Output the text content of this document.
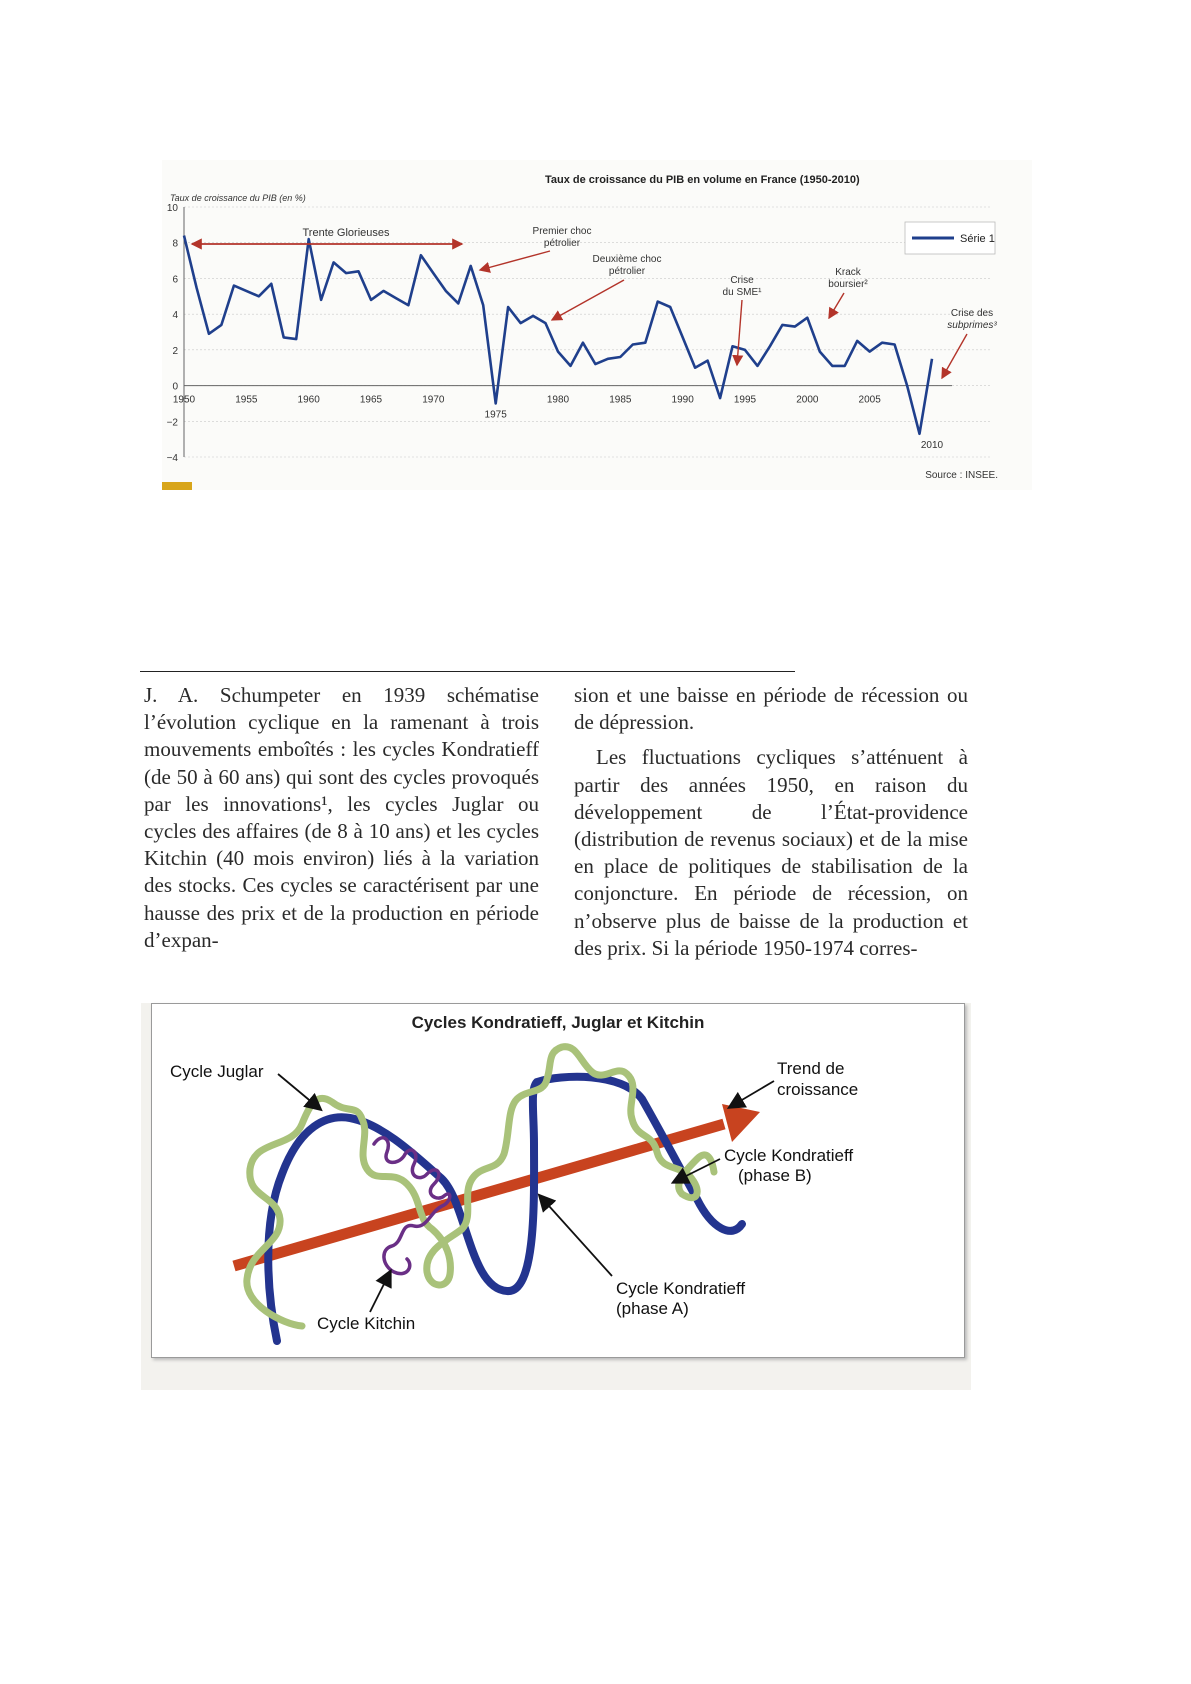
Taux de croissance du PIB en volume en France (1950-2010)
Taux de croissance du PIB (en %)
−4
−2
0
2
4
6
8
10
1950	1955	1960	1965	1970
1975
1980	1985	1990	1995	2000	2005
2010
Série 1
Trente Glorieuses	Premier choc
pétrolier
Deuxième choc
pétrolier
Crise
du SME¹
Krack
boursier²
Crise des
subprimes³
Source : INSEE.

J. A. Schumpeter en 1939 schématise l’évolution cyclique en la ramenant à trois mouvements emboîtés : les cycles Kondratieff (de 50 à 60 ans) qui sont des cycles provoqués par les innovations¹, les cycles Juglar ou cycles des affaires (de 8 à 10 ans) et les cycles Kitchin (40 mois environ) liés à la variation des stocks. Ces cycles se caractérisent par une hausse des prix et de la production en période d’expan-

sion et une baisse en période de récession ou de dépression.

Les fluctuations cycliques s’atténuent à partir des années 1950, en raison du développement de l’État-providence (distribution de revenus sociaux) et de la mise en place de politiques de stabilisation de la conjoncture. En période de récession, on n’observe plus de baisse de la production et des prix. Si la période 1950-1974 corres-

Cycles Kondratieff, Juglar et Kitchin
Cycle Juglar	Trend de
croissance
Cycle Kondratieff
(phase B)
Cycle Kondratieff
(phase A)
Cycle Kitchin
